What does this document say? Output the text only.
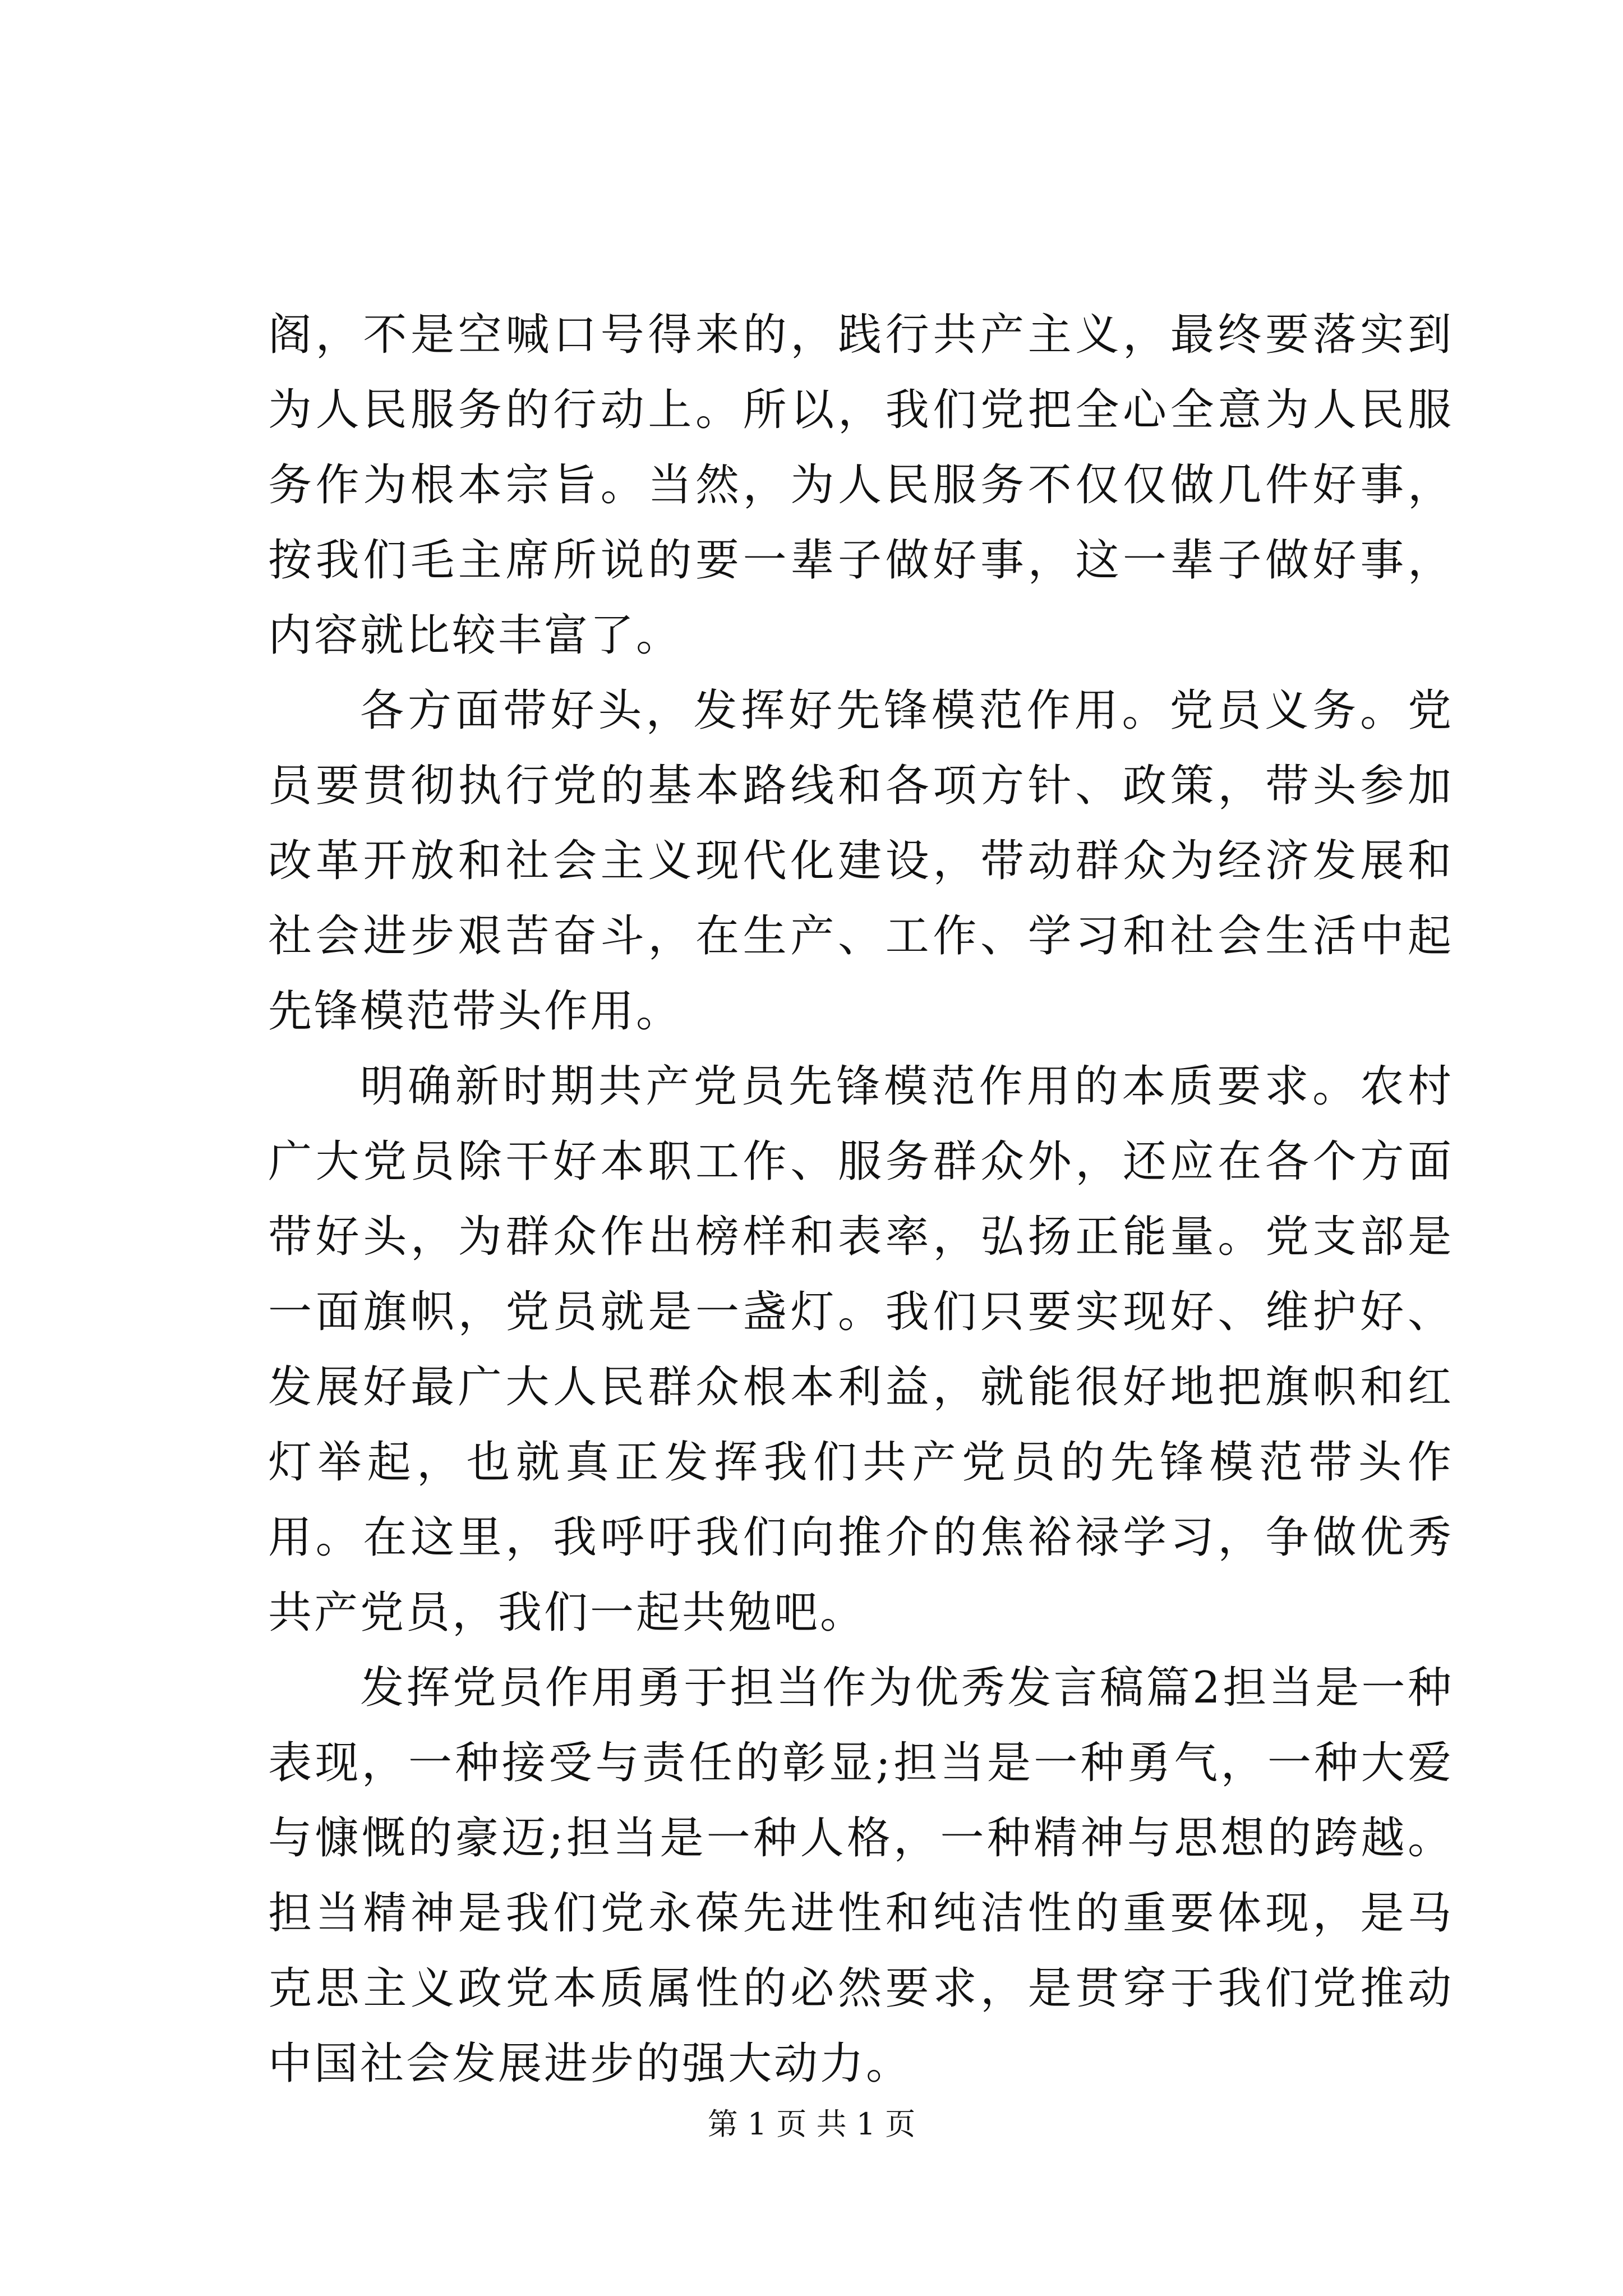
阁，不是空喊口号得来的，践行共产主义，最终要落实到为人民服务的行动上。所以，我们党把全心全意为人民服务作为根本宗旨。当然，为人民服务不仅仅做几件好事，按我们毛主席所说的要一辈子做好事，这一辈子做好事，内容就比较丰富了。

各方面带好头，发挥好先锋模范作用。党员义务。党员要贯彻执行党的基本路线和各项方针、政策，带头参加改革开放和社会主义现代化建设，带动群众为经济发展和社会进步艰苦奋斗，在生产、工作、学习和社会生活中起先锋模范带头作用。

明确新时期共产党员先锋模范作用的本质要求。农村广大党员除干好本职工作、服务群众外，还应在各个方面带好头，为群众作出榜样和表率，弘扬正能量。党支部是一面旗帜，党员就是一盏灯。我们只要实现好、维护好、发展好最广大人民群众根本利益，就能很好地把旗帜和红灯举起，也就真正发挥我们共产党员的先锋模范带头作用。在这里，我呼吁我们向推介的焦裕禄学习，争做优秀共产党员，我们一起共勉吧。

发挥党员作用勇于担当作为优秀发言稿篇2担当是一种表现，一种接受与责任的彰显;担当是一种勇气，一种大爱与慷慨的豪迈;担当是一种人格，一种精神与思想的跨越。担当精神是我们党永葆先进性和纯洁性的重要体现，是马克思主义政党本质属性的必然要求，是贯穿于我们党推动中国社会发展进步的强大动力。

第 1 页 共 1 页
